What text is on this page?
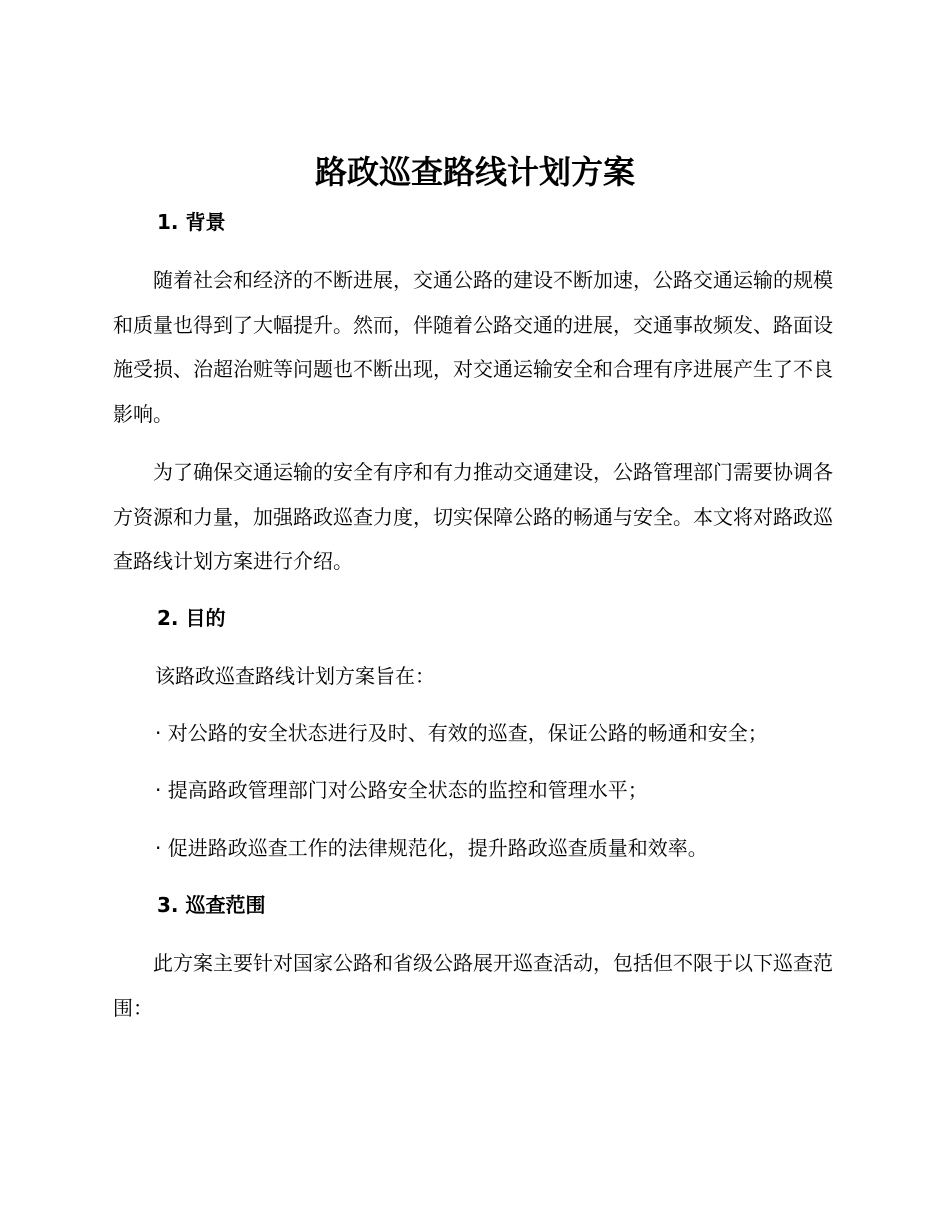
路政巡查路线计划方案
1. 背景

随着社会和经济的不断进展，交通公路的建设不断加速，公路交通运输的规模和质量也得到了大幅提升。然而，伴随着公路交通的进展，交通事故频发、路面设施受损、治超治赃等问题也不断出现，对交通运输安全和合理有序进展产生了不良影响。

为了确保交通运输的安全有序和有力推动交通建设，公路管理部门需要协调各方资源和力量，加强路政巡查力度，切实保障公路的畅通与安全。本文将对路政巡查路线计划方案进行介绍。

2. 目的

该路政巡查路线计划方案旨在：

· 对公路的安全状态进行及时、有效的巡查，保证公路的畅通和安全；

· 提高路政管理部门对公路安全状态的监控和管理水平；

· 促进路政巡查工作的法律规范化，提升路政巡查质量和效率。

3. 巡查范围

此方案主要针对国家公路和省级公路展开巡查活动，包括但不限于以下巡查范围：
